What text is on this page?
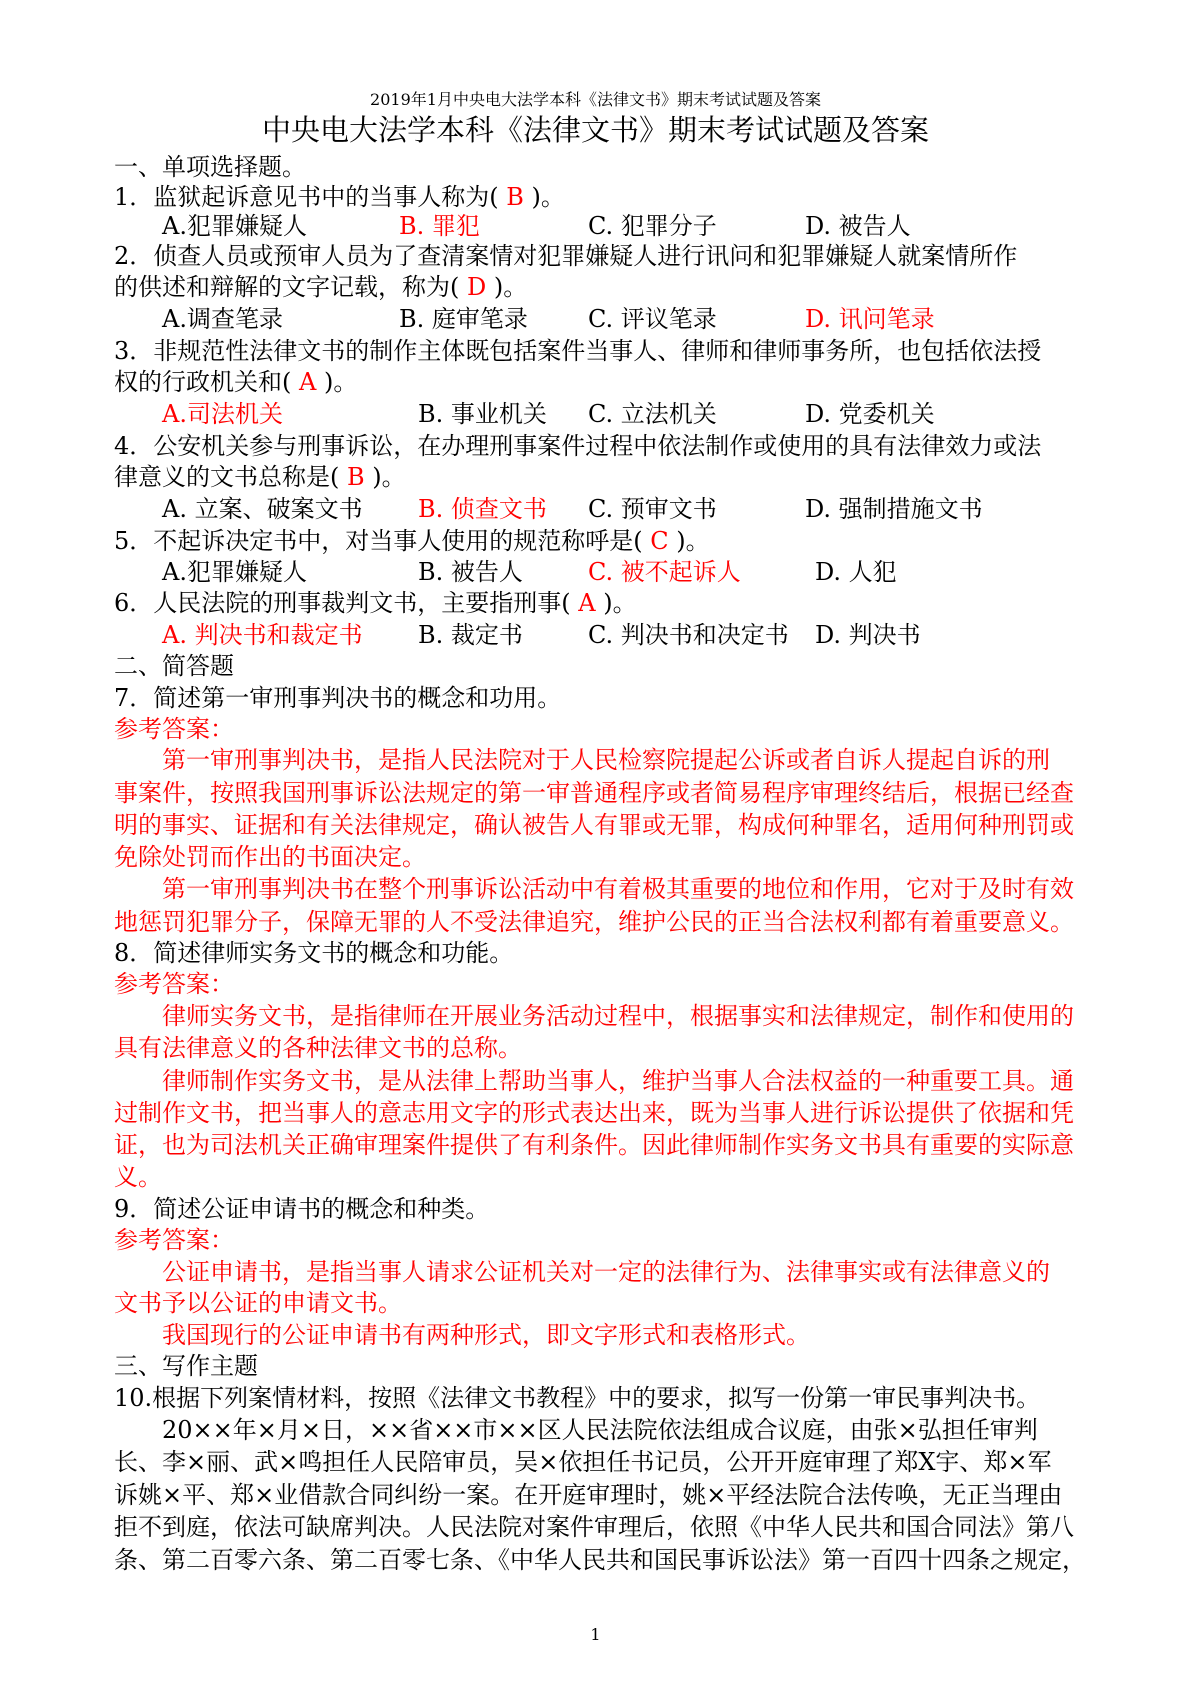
2019年1月中央电大法学本科《法律文书》期末考试试题及答案
中央电大法学本科《法律文书》期末考试试题及答案
一、单项选择题。
1．监狱起诉意见书中的当事人称为( B )。
A.犯罪嫌疑人	B. 罪犯	C. 犯罪分子	D. 被告人
2．侦查人员或预审人员为了查清案情对犯罪嫌疑人进行讯问和犯罪嫌疑人就案情所作
的供述和辩解的文字记载，称为( D )。
A.调查笔录	B. 庭审笔录	C. 评议笔录	D. 讯问笔录
3．非规范性法律文书的制作主体既包括案件当事人、律师和律师事务所，也包括依法授
权的行政机关和( A )。
A.司法机关	B. 事业机关 C. 立法机关	D. 党委机关
4．公安机关参与刑事诉讼，在办理刑事案件过程中依法制作或使用的具有法律效力或法
律意义的文书总称是( B )。
A. 立案、破案文书 B. 侦查文书 C. 预审文书	D. 强制措施文书
5．不起诉决定书中，对当事人使用的规范称呼是( C )。
A.犯罪嫌疑人	B. 被告人	C. 被不起诉人	D. 人犯
6．人民法院的刑事裁判文书，主要指刑事( A )。
A. 判决书和裁定书 B. 裁定书	C. 判决书和决定书 D. 判决书
二、简答题
7．简述第一审刑事判决书的概念和功用。
参考答案：
第一审刑事判决书，是指人民法院对于人民检察院提起公诉或者自诉人提起自诉的刑
事案件，按照我国刑事诉讼法规定的第一审普通程序或者简易程序审理终结后，根据已经查
明的事实、证据和有关法律规定，确认被告人有罪或无罪，构成何种罪名，适用何种刑罚或
免除处罚而作出的书面决定。
第一审刑事判决书在整个刑事诉讼活动中有着极其重要的地位和作用，它对于及时有效
地惩罚犯罪分子，保障无罪的人不受法律追究，维护公民的正当合法权利都有着重要意义。
8．简述律师实务文书的概念和功能。
参考答案：
律师实务文书，是指律师在开展业务活动过程中，根据事实和法律规定，制作和使用的
具有法律意义的各种法律文书的总称。
律师制作实务文书，是从法律上帮助当事人，维护当事人合法权益的一种重要工具。通
过制作文书，把当事人的意志用文字的形式表达出来，既为当事人进行诉讼提供了依据和凭
证，也为司法机关正确审理案件提供了有利条件。因此律师制作实务文书具有重要的实际意
义。
9．简述公证申请书的概念和种类。
参考答案：
公证申请书，是指当事人请求公证机关对一定的法律行为、法律事实或有法律意义的
文书予以公证的申请文书。
我国现行的公证申请书有两种形式，即文字形式和表格形式。
三、写作主题
10.根据下列案情材料，按照《法律文书教程》中的要求，拟写一份第一审民事判决书。
20××年×月×日，××省××市××区人民法院依法组成合议庭，由张×弘担任审判
长、李×丽、武×鸣担任人民陪审员，吴×依担任书记员，公开开庭审理了郑X宇、郑×军
诉姚×平、郑×业借款合同纠纷一案。在开庭审理时，姚×平经法院合法传唤，无正当理由
拒不到庭，依法可缺席判决。人民法院对案件审理后，依照《中华人民共和国合同法》第八
条、第二百零六条、第二百零七条、《中华人民共和国民事诉讼法》第一百四十四条之规定，
1
